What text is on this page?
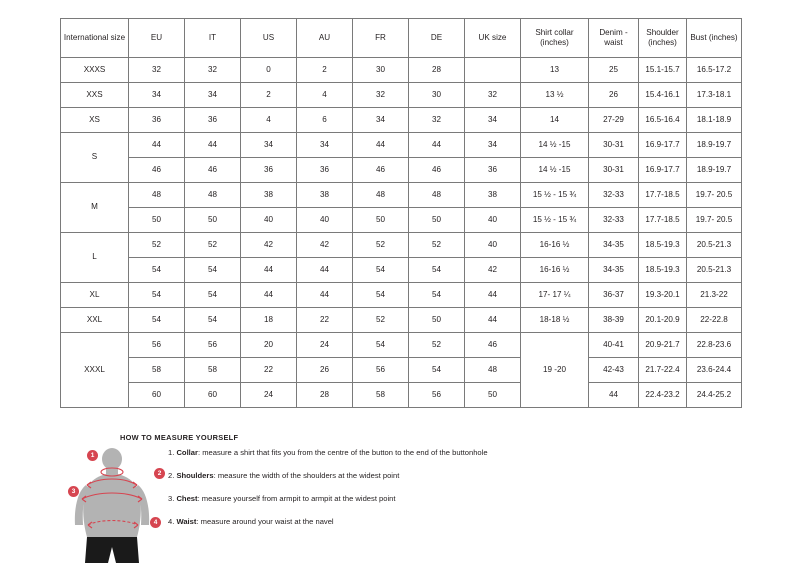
International size	EU	IT	US	AU	FR	DE	UK size	Shirt collar (inches)	Denim - waist	Shoulder (inches)	Bust (inches)
XXXS	32	32	0	2	30	28		13	25	15.1-15.7	16.5-17.2
XXS	34	34	2	4	32	30	32	13 ½	26	15.4-16.1	17.3-18.1
XS	36	36	4	6	34	32	34	14	27-29	16.5-16.4	18.1-18.9
S	44	44	34	34	44	44	34	14 ½ -15	30-31	16.9-17.7	18.9-19.7
	46	46	36	36	46	46	36	14 ½ -15	30-31	16.9-17.7	18.9-19.7
M	48	48	38	38	48	48	38	15 ½ - 15 ¾	32-33	17.7-18.5	19.7- 20.5
	50	50	40	40	50	50	40	15 ½ - 15 ¾	32-33	17.7-18.5	19.7- 20.5
L	52	52	42	42	52	52	40	16-16 ½	34-35	18.5-19.3	20.5-21.3
	54	54	44	44	54	54	42	16-16 ½	34-35	18.5-19.3	20.5-21.3
XL	54	54	44	44	54	54	44	17- 17 ¼	36-37	19.3-20.1	21.3-22
XXL	54	54	18	22	52	50	44	18-18 ½	38-39	20.1-20.9	22-22.8
XXXL	56	56	20	24	54	52	46	19 -20	40-41	20.9-21.7	22.8-23.6
	58	58	22	26	56	54	48		42-43	21.7-22.4	23.6-24.4
	60	60	24	28	58	56	50		44	22.4-23.2	24.4-25.2
HOW TO MEASURE YOURSELF
1. Collar: measure a shirt that fits you from the centre of the button to the end of the buttonhole
2. Shoulders: measure the width of the shoulders at the widest point
3. Chest: measure yourself from armpit to armpit at the widest point
4. Waist: measure around your waist at the navel
1
2
3
4
